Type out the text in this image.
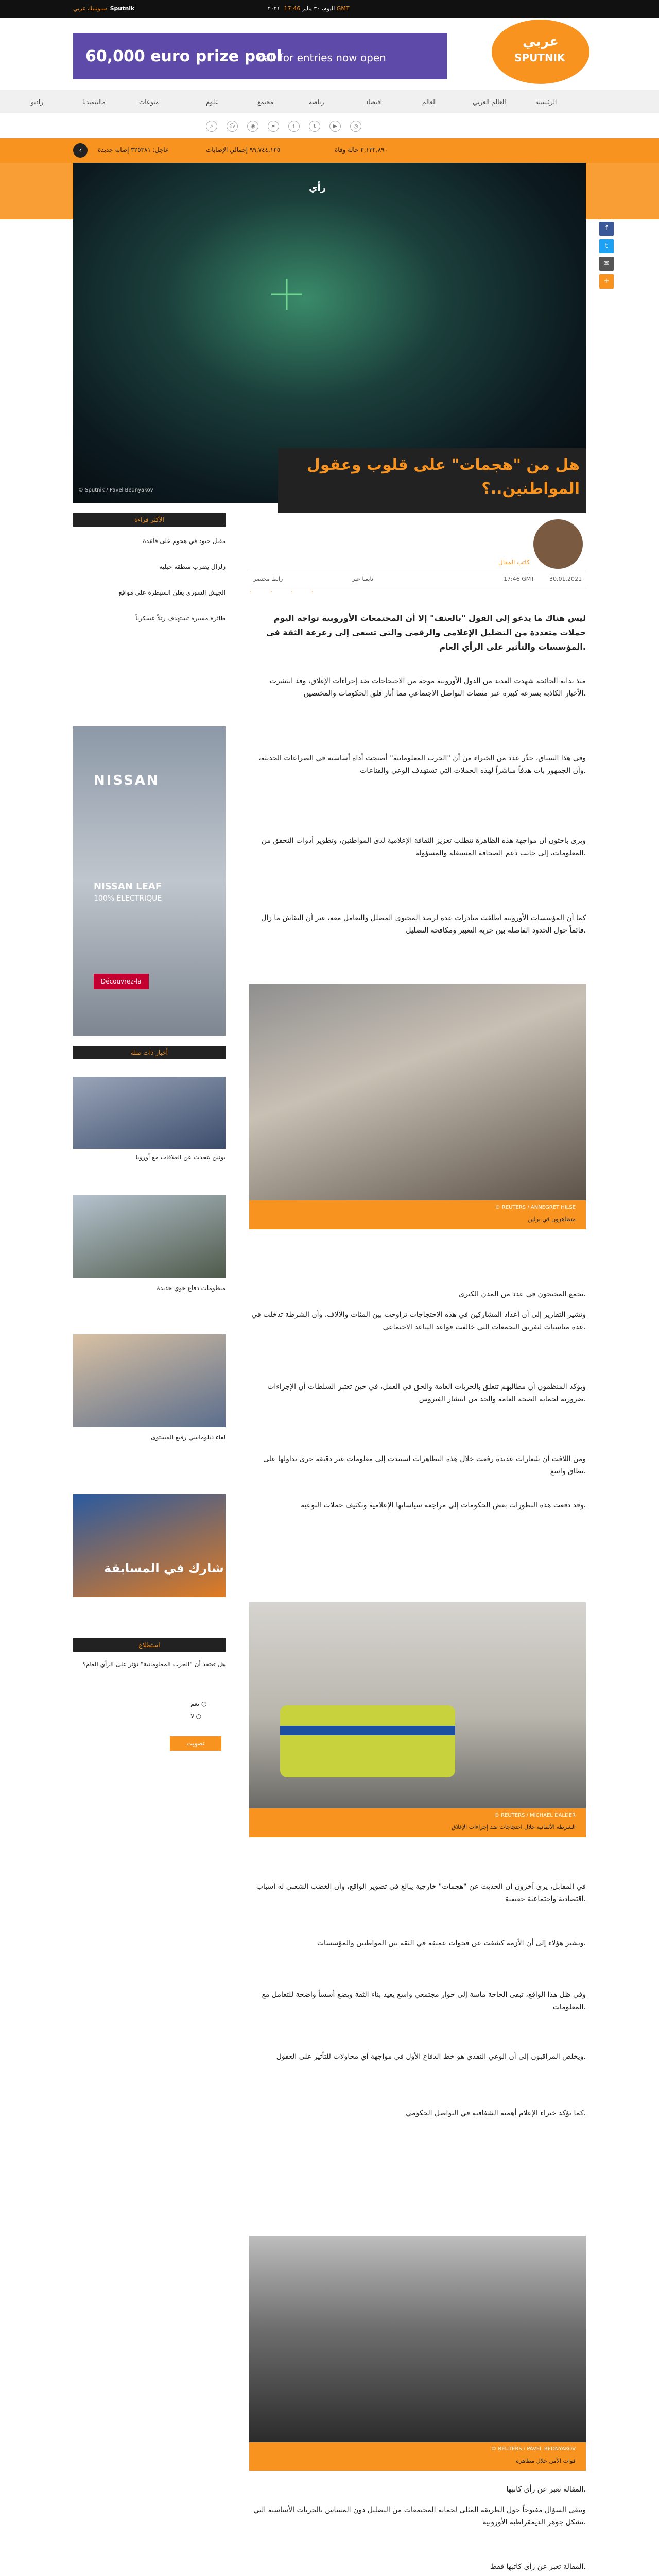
سبوتنيك عربي Sputnik	اليوم، ٣٠ يناير ٢٠٢١17:46 GMT
60,000 euro prize pool
call for entries now open
عربي
SPUTNIK
الرئيسية
العالم العربي
العالم
اقتصاد
رياضة
مجتمع
علوم
منوعات
مالتيميديا
راديو
⌕	☺	◉	➤	f	t	▶	◎
‹	عاجل: ٣٢٥٣٨١ إصابة جديدة	٩٩,٧٤٤,١٢٥ إجمالي الإصابات	٢,١٣٢,٨٩٠ حالة وفاة
رأي
© Sputnik / Pavel Bednyakov
هل من "هجمات" على قلوب وعقول المواطنين..؟
f
t
✉
+
كاتب المقال
30.01.2021
17:46 GMT
رابط مختصر	تابعنا عبر
٠	٠	٠	٠
ليس هناك ما يدعو إلى القول "بالعنف" إلا أن المجتمعات الأوروبية تواجه اليوم حملات متعددة من التضليل الإعلامي والرقمي والتي تسعى إلى زعزعة الثقة في المؤسسات والتأثير على الرأي العام.
منذ بداية الجائحة شهدت العديد من الدول الأوروبية موجة من الاحتجاجات ضد إجراءات الإغلاق، وقد انتشرت الأخبار الكاذبة بسرعة كبيرة عبر منصات التواصل الاجتماعي مما أثار قلق الحكومات والمختصين.
وفي هذا السياق، حذّر عدد من الخبراء من أن "الحرب المعلوماتية" أصبحت أداة أساسية في الصراعات الحديثة، وأن الجمهور بات هدفاً مباشراً لهذه الحملات التي تستهدف الوعي والقناعات.
ويرى باحثون أن مواجهة هذه الظاهرة تتطلب تعزيز الثقافة الإعلامية لدى المواطنين، وتطوير أدوات التحقق من المعلومات، إلى جانب دعم الصحافة المستقلة والمسؤولة.
كما أن المؤسسات الأوروبية أطلقت مبادرات عدة لرصد المحتوى المضلل والتعامل معه، غير أن النقاش ما زال قائماً حول الحدود الفاصلة بين حرية التعبير ومكافحة التضليل.
© REUTERS / ANNEGRET HILSE
متظاهرون في برلين
تجمع المحتجون في عدد من المدن الكبرى.
وتشير التقارير إلى أن أعداد المشاركين في هذه الاحتجاجات تراوحت بين المئات والآلاف، وأن الشرطة تدخلت في عدة مناسبات لتفريق التجمعات التي خالفت قواعد التباعد الاجتماعي.
ويؤكد المنظمون أن مطالبهم تتعلق بالحريات العامة والحق في العمل، في حين تعتبر السلطات أن الإجراءات ضرورية لحماية الصحة العامة والحد من انتشار الفيروس.
ومن اللافت أن شعارات عديدة رفعت خلال هذه التظاهرات استندت إلى معلومات غير دقيقة جرى تداولها على نطاق واسع.
وقد دفعت هذه التطورات بعض الحكومات إلى مراجعة سياساتها الإعلامية وتكثيف حملات التوعية.
© REUTERS / MICHAEL DALDER
الشرطة الألمانية خلال احتجاجات ضد إجراءات الإغلاق
في المقابل، يرى آخرون أن الحديث عن "هجمات" خارجية يبالغ في تصوير الواقع، وأن الغضب الشعبي له أسباب اقتصادية واجتماعية حقيقية.
ويشير هؤلاء إلى أن الأزمة كشفت عن فجوات عميقة في الثقة بين المواطنين والمؤسسات.
وفي ظل هذا الواقع، تبقى الحاجة ماسة إلى حوار مجتمعي واسع يعيد بناء الثقة ويضع أسساً واضحة للتعامل مع المعلومات.
ويخلص المراقبون إلى أن الوعي النقدي هو خط الدفاع الأول في مواجهة أي محاولات للتأثير على العقول.
كما يؤكد خبراء الإعلام أهمية الشفافية في التواصل الحكومي.
© REUTERS / PAVEL BEDNYAKOV
قوات الأمن خلال مظاهرة
المقالة تعبر عن رأي كاتبها.
ويبقى السؤال مفتوحاً حول الطريقة المثلى لحماية المجتمعات من التضليل دون المساس بالحريات الأساسية التي تشكل جوهر الديمقراطية الأوروبية.
المقالة تعبر عن رأي كاتبها فقط.
الأكثر قراءة
مقتل جنود في هجوم على قاعدة
زلزال يضرب منطقة جبلية
الجيش السوري يعلن السيطرة على مواقع
طائرة مسيرة تستهدف رتلاً عسكرياً
NISSAN
NISSAN LEAF
100% ÉLECTRIQUE
Découvrez-la
أخبار ذات صلة
بوتين يتحدث عن العلاقات مع أوروبا
منظومات دفاع جوي جديدة
لقاء دبلوماسي رفيع المستوى
شارك في المسابقة
استطلاع
هل تعتقد أن "الحرب المعلوماتية" تؤثر على الرأي العام؟
نعم ○
لا ○
تصويت
